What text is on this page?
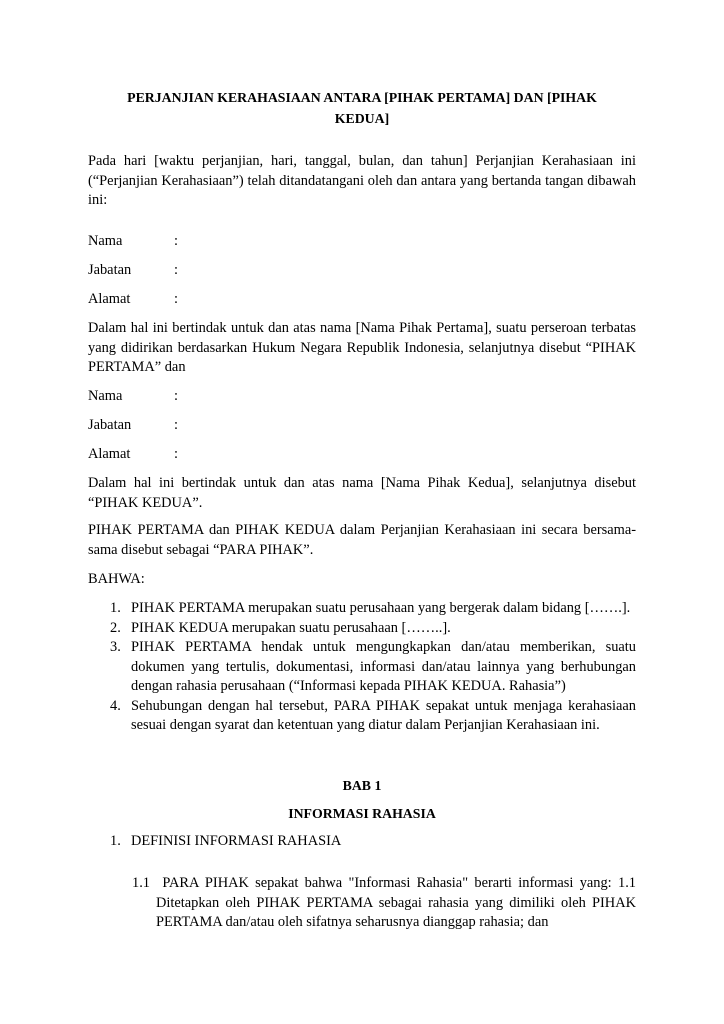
PERJANJIAN KERAHASIAAN ANTARA [PIHAK PERTAMA] DAN [PIHAK
KEDUA]
Pada hari [waktu perjanjian, hari, tanggal, bulan, dan tahun] Perjanjian Kerahasiaan ini (“Perjanjian Kerahasiaan”) telah ditandatangani oleh dan antara yang bertanda tangan dibawah ini:
Nama	:
Jabatan	:
Alamat	:
Dalam hal ini bertindak untuk dan atas nama [Nama Pihak Pertama], suatu perseroan terbatas yang didirikan berdasarkan Hukum Negara Republik Indonesia, selanjutnya disebut “PIHAK PERTAMA” dan
Nama	:
Jabatan	:
Alamat	:
Dalam hal ini bertindak untuk dan atas nama [Nama Pihak Kedua], selanjutnya disebut “PIHAK KEDUA”.
PIHAK PERTAMA dan PIHAK KEDUA dalam Perjanjian Kerahasiaan ini secara bersama-sama disebut sebagai “PARA PIHAK”.
BAHWA:
1. PIHAK PERTAMA merupakan suatu perusahaan yang bergerak dalam bidang […….].
2. PIHAK KEDUA merupakan suatu perusahaan [……..].
3. PIHAK PERTAMA hendak untuk mengungkapkan dan/atau memberikan, suatu dokumen yang tertulis, dokumentasi, informasi dan/atau lainnya yang berhubungan dengan rahasia perusahaan (“Informasi kepada PIHAK KEDUA. Rahasia”)
4. Sehubungan dengan hal tersebut, PARA PIHAK sepakat untuk menjaga kerahasiaan sesuai dengan syarat dan ketentuan yang diatur dalam Perjanjian Kerahasiaan ini.
BAB 1
INFORMASI RAHASIA
1. DEFINISI INFORMASI RAHASIA
1.1 PARA PIHAK sepakat bahwa "Informasi Rahasia" berarti informasi yang: 1.1 Ditetapkan oleh PIHAK PERTAMA sebagai rahasia yang dimiliki oleh PIHAK PERTAMA dan/atau oleh sifatnya seharusnya dianggap rahasia; dan
